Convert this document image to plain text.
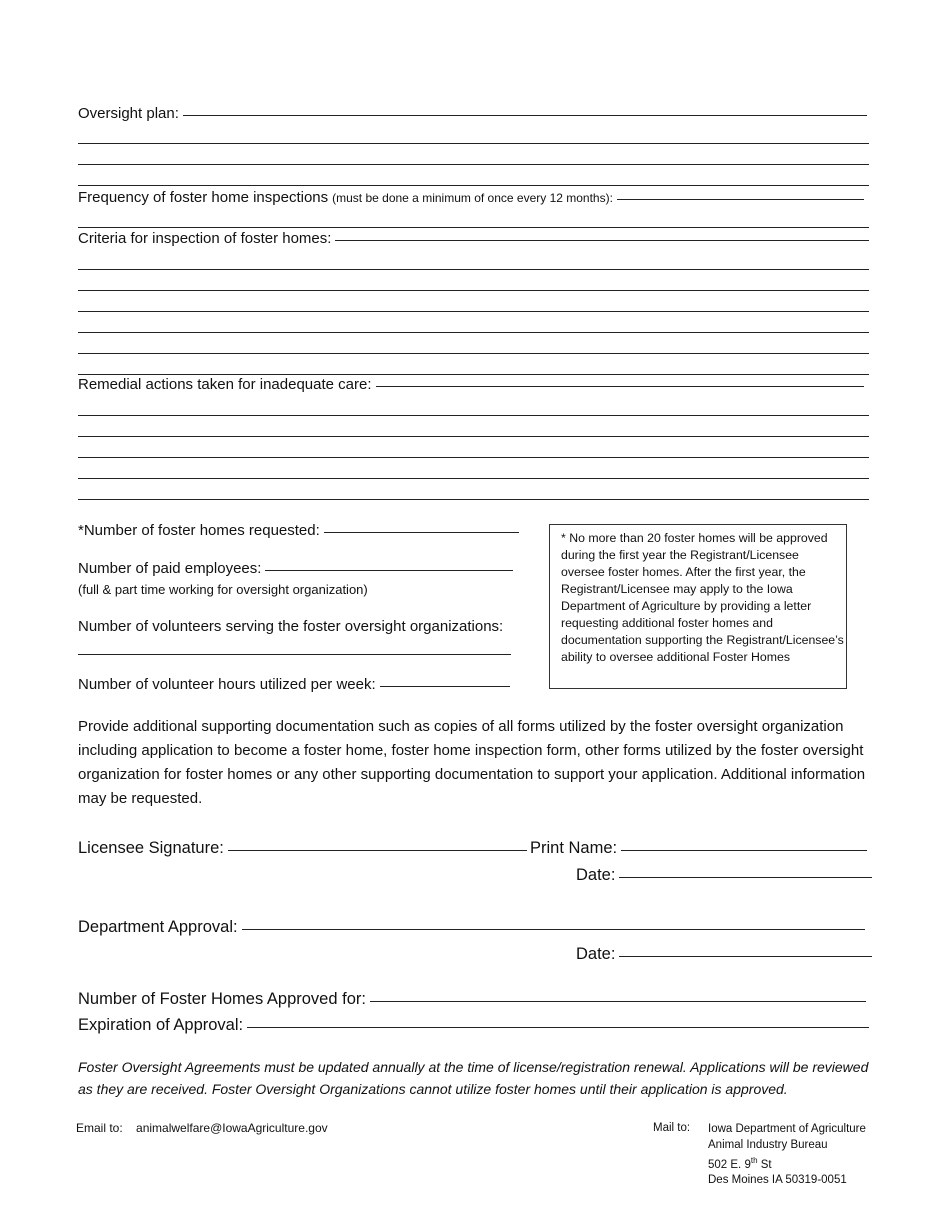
Oversight plan:
Frequency of foster home inspections (must be done a minimum of once every 12 months):
Criteria for inspection of foster homes:
Remedial actions taken for inadequate care:
*Number of foster homes requested:
Number of paid employees:
(full & part time working for oversight organization)
Number of volunteers serving the foster oversight organizations:
Number of volunteer hours utilized per week:
* No more than 20 foster homes will be approved during the first year the Registrant/Licensee oversee foster homes. After the first year, the Registrant/Licensee may apply to the Iowa Department of Agriculture by providing a letter requesting additional foster homes and documentation supporting the Registrant/Licensee’s ability to oversee additional Foster Homes
Provide additional supporting documentation such as copies of all forms utilized by the foster oversight organization including application to become a foster home, foster home inspection form, other forms utilized by the foster oversight organization for foster homes or any other supporting documentation to support your application. Additional information may be requested.
Licensee Signature:	Print Name:
Date:
Department Approval:
Date:
Number of Foster Homes Approved for:
Expiration of Approval:
Foster Oversight Agreements must be updated annually at the time of license/registration renewal. Applications will be reviewed as they are received. Foster Oversight Organizations cannot utilize foster homes until their application is approved.
Email to: animalwelfare@IowaAgriculture.gov	Mail to: Iowa Department of Agriculture
Animal Industry Bureau
502 E. 9th St
Des Moines IA 50319-0051
